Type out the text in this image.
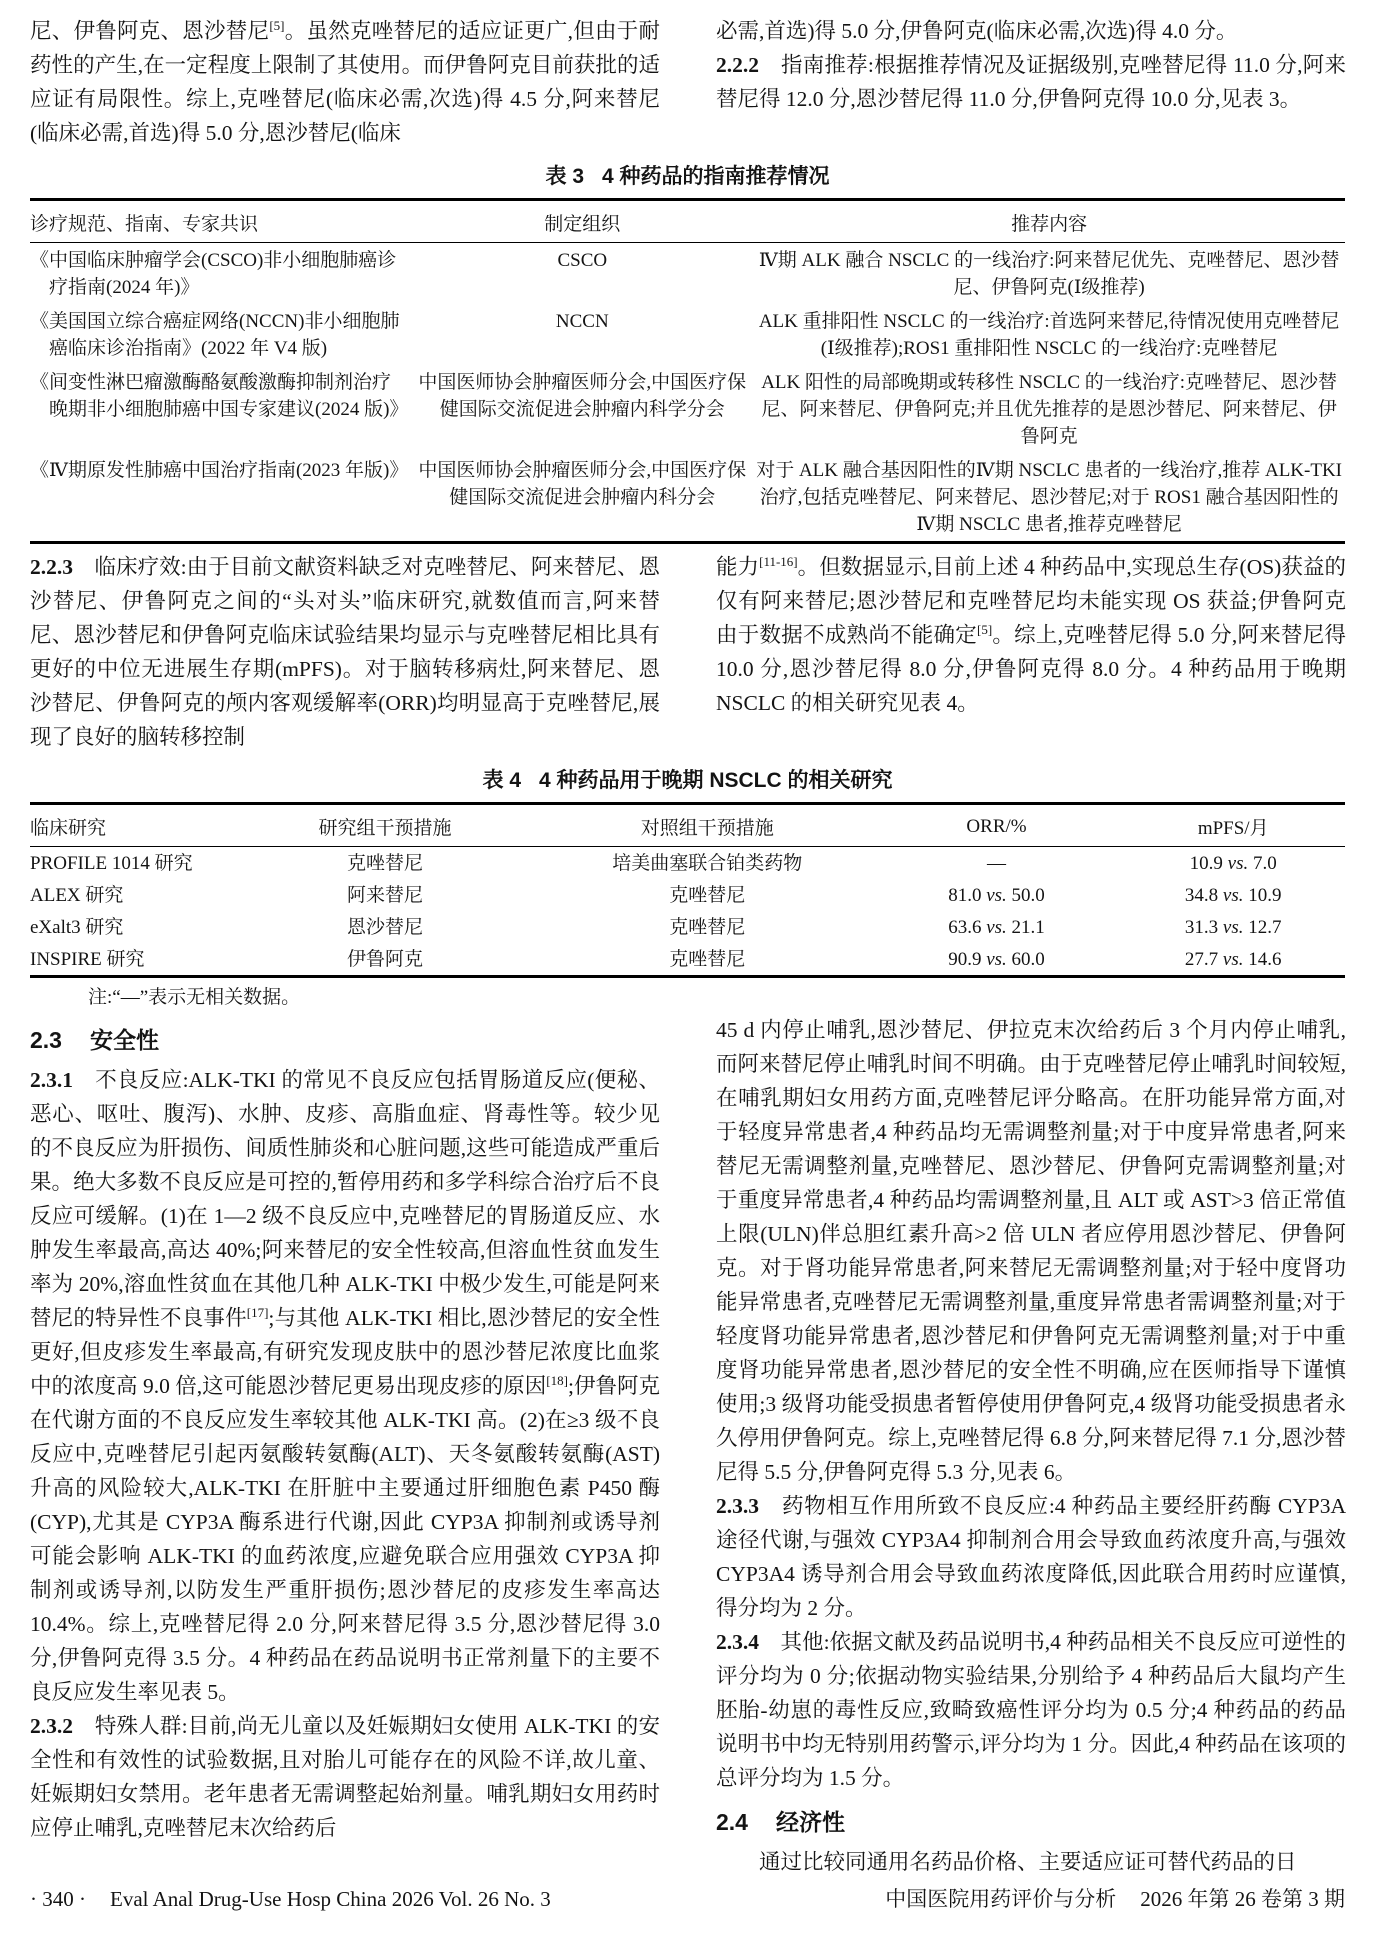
尼、伊鲁阿克、恩沙替尼[5]。虽然克唑替尼的适应证更广,但由于耐药性的产生,在一定程度上限制了其使用。而伊鲁阿克目前获批的适应证有局限性。综上,克唑替尼(临床必需,次选)得 4.5 分,阿来替尼(临床必需,首选)得 5.0 分,恩沙替尼(临床

必需,首选)得 5.0 分,伊鲁阿克(临床必需,次选)得 4.0 分。

2.2.2　指南推荐:根据推荐情况及证据级别,克唑替尼得 11.0 分,阿来替尼得 12.0 分,恩沙替尼得 11.0 分,伊鲁阿克得 10.0 分,见表 3。

表 3 4 种药品的指南推荐情况
诊疗规范、指南、专家共识	制定组织	推荐内容
《中国临床肿瘤学会(CSCO)非小细胞肺癌诊疗指南(2024 年)》	CSCO	Ⅳ期 ALK 融合 NSCLC 的一线治疗:阿来替尼优先、克唑替尼、恩沙替尼、伊鲁阿克(Ⅰ级推荐)
《美国国立综合癌症网络(NCCN)非小细胞肺癌临床诊治指南》(2022 年 V4 版)	NCCN	ALK 重排阳性 NSCLC 的一线治疗:首选阿来替尼,待情况使用克唑替尼(Ⅰ级推荐);ROS1 重排阳性 NSCLC 的一线治疗:克唑替尼
《间变性淋巴瘤激酶酪氨酸激酶抑制剂治疗晚期非小细胞肺癌中国专家建议(2024 版)》	中国医师协会肿瘤医师分会,中国医疗保健国际交流促进会肿瘤内科学分会	ALK 阳性的局部晚期或转移性 NSCLC 的一线治疗:克唑替尼、恩沙替尼、阿来替尼、伊鲁阿克;并且优先推荐的是恩沙替尼、阿来替尼、伊鲁阿克
《Ⅳ期原发性肺癌中国治疗指南(2023 年版)》	中国医师协会肿瘤医师分会,中国医疗保健国际交流促进会肿瘤内科分会	对于 ALK 融合基因阳性的Ⅳ期 NSCLC 患者的一线治疗,推荐 ALK-TKI 治疗,包括克唑替尼、阿来替尼、恩沙替尼;对于 ROS1 融合基因阳性的Ⅳ期 NSCLC 患者,推荐克唑替尼

2.2.3　临床疗效:由于目前文献资料缺乏对克唑替尼、阿来替尼、恩沙替尼、伊鲁阿克之间的“头对头”临床研究,就数值而言,阿来替尼、恩沙替尼和伊鲁阿克临床试验结果均显示与克唑替尼相比具有更好的中位无进展生存期(mPFS)。对于脑转移病灶,阿来替尼、恩沙替尼、伊鲁阿克的颅内客观缓解率(ORR)均明显高于克唑替尼,展现了良好的脑转移控制

能力[11-16]。但数据显示,目前上述 4 种药品中,实现总生存(OS)获益的仅有阿来替尼;恩沙替尼和克唑替尼均未能实现 OS 获益;伊鲁阿克由于数据不成熟尚不能确定[5]。综上,克唑替尼得 5.0 分,阿来替尼得 10.0 分,恩沙替尼得 8.0 分,伊鲁阿克得 8.0 分。4 种药品用于晚期 NSCLC 的相关研究见表 4。

表 4 4 种药品用于晚期 NSCLC 的相关研究
临床研究	研究组干预措施	对照组干预措施	ORR/%	mPFS/月
PROFILE 1014 研究	克唑替尼	培美曲塞联合铂类药物	—	10.9 vs. 7.0
ALEX 研究	阿来替尼	克唑替尼	81.0 vs. 50.0	34.8 vs. 10.9
eXalt3 研究	恩沙替尼	克唑替尼	63.6 vs. 21.1	31.3 vs. 12.7
INSPIRE 研究	伊鲁阿克	克唑替尼	90.9 vs. 60.0	27.7 vs. 14.6

注:“—”表示无相关数据。

2.3 安全性

2.3.1　不良反应:ALK-TKI 的常见不良反应包括胃肠道反应(便秘、恶心、呕吐、腹泻)、水肿、皮疹、高脂血症、肾毒性等。较少见的不良反应为肝损伤、间质性肺炎和心脏问题,这些可能造成严重后果。绝大多数不良反应是可控的,暂停用药和多学科综合治疗后不良反应可缓解。(1)在 1—2 级不良反应中,克唑替尼的胃肠道反应、水肿发生率最高,高达 40%;阿来替尼的安全性较高,但溶血性贫血发生率为 20%,溶血性贫血在其他几种 ALK-TKI 中极少发生,可能是阿来替尼的特异性不良事件[17];与其他 ALK-TKI 相比,恩沙替尼的安全性更好,但皮疹发生率最高,有研究发现皮肤中的恩沙替尼浓度比血浆中的浓度高 9.0 倍,这可能恩沙替尼更易出现皮疹的原因[18];伊鲁阿克在代谢方面的不良反应发生率较其他 ALK-TKI 高。(2)在≥3 级不良反应中,克唑替尼引起丙氨酸转氨酶(ALT)、天冬氨酸转氨酶(AST)升高的风险较大,ALK-TKI 在肝脏中主要通过肝细胞色素 P450 酶(CYP),尤其是 CYP3A 酶系进行代谢,因此 CYP3A 抑制剂或诱导剂可能会影响 ALK-TKI 的血药浓度,应避免联合应用强效 CYP3A 抑制剂或诱导剂,以防发生严重肝损伤;恩沙替尼的皮疹发生率高达 10.4%。综上,克唑替尼得 2.0 分,阿来替尼得 3.5 分,恩沙替尼得 3.0 分,伊鲁阿克得 3.5 分。4 种药品在药品说明书正常剂量下的主要不良反应发生率见表 5。

2.3.2　特殊人群:目前,尚无儿童以及妊娠期妇女使用 ALK-TKI 的安全性和有效性的试验数据,且对胎儿可能存在的风险不详,故儿童、妊娠期妇女禁用。老年患者无需调整起始剂量。哺乳期妇女用药时应停止哺乳,克唑替尼末次给药后

45 d 内停止哺乳,恩沙替尼、伊拉克末次给药后 3 个月内停止哺乳,而阿来替尼停止哺乳时间不明确。由于克唑替尼停止哺乳时间较短,在哺乳期妇女用药方面,克唑替尼评分略高。在肝功能异常方面,对于轻度异常患者,4 种药品均无需调整剂量;对于中度异常患者,阿来替尼无需调整剂量,克唑替尼、恩沙替尼、伊鲁阿克需调整剂量;对于重度异常患者,4 种药品均需调整剂量,且 ALT 或 AST>3 倍正常值上限(ULN)伴总胆红素升高>2 倍 ULN 者应停用恩沙替尼、伊鲁阿克。对于肾功能异常患者,阿来替尼无需调整剂量;对于轻中度肾功能异常患者,克唑替尼无需调整剂量,重度异常患者需调整剂量;对于轻度肾功能异常患者,恩沙替尼和伊鲁阿克无需调整剂量;对于中重度肾功能异常患者,恩沙替尼的安全性不明确,应在医师指导下谨慎使用;3 级肾功能受损患者暂停使用伊鲁阿克,4 级肾功能受损患者永久停用伊鲁阿克。综上,克唑替尼得 6.8 分,阿来替尼得 7.1 分,恩沙替尼得 5.5 分,伊鲁阿克得 5.3 分,见表 6。

2.3.3　药物相互作用所致不良反应:4 种药品主要经肝药酶 CYP3A 途径代谢,与强效 CYP3A4 抑制剂合用会导致血药浓度升高,与强效 CYP3A4 诱导剂合用会导致血药浓度降低,因此联合用药时应谨慎,得分均为 2 分。

2.3.4　其他:依据文献及药品说明书,4 种药品相关不良反应可逆性的评分均为 0 分;依据动物实验结果,分别给予 4 种药品后大鼠均产生胚胎-幼崽的毒性反应,致畸致癌性评分均为 0.5 分;4 种药品的药品说明书中均无特别用药警示,评分均为 1 分。因此,4 种药品在该项的总评分均为 1.5 分。

2.4 经济性

通过比较同通用名药品价格、主要适应证可替代药品的日

· 340 · Eval Anal Drug-Use Hosp China 2026 Vol. 26 No. 3	中国医院用药评价与分析 2026 年第 26 卷第 3 期
